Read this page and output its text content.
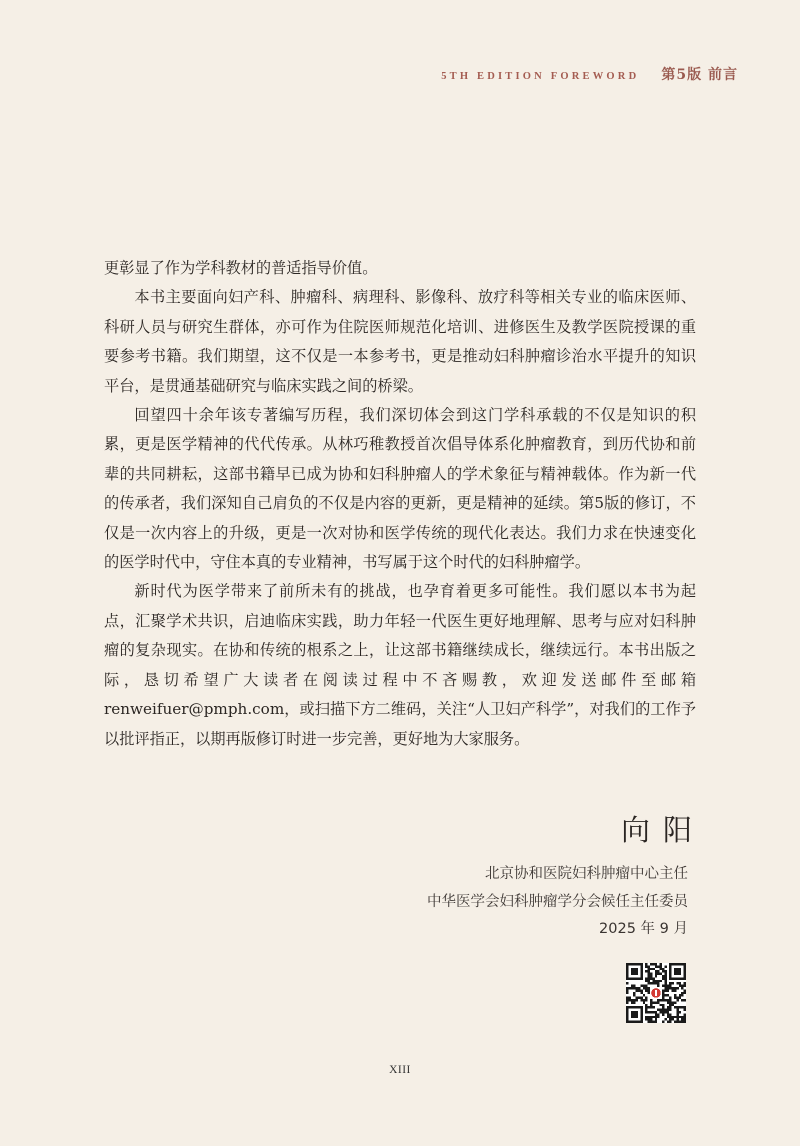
5TH EDITION FOREWORD 第5版 前言

更彰显了作为学科教材的普适指导价值。

本书主要面向妇产科、肿瘤科、病理科、影像科、放疗科等相关专业的临床医师、科研人员与研究生群体，亦可作为住院医师规范化培训、进修医生及教学医院授课的重要参考书籍。我们期望，这不仅是一本参考书，更是推动妇科肿瘤诊治水平提升的知识平台，是贯通基础研究与临床实践之间的桥梁。

回望四十余年该专著编写历程，我们深切体会到这门学科承载的不仅是知识的积累，更是医学精神的代代传承。从林巧稚教授首次倡导体系化肿瘤教育，到历代协和前辈的共同耕耘，这部书籍早已成为协和妇科肿瘤人的学术象征与精神载体。作为新一代的传承者，我们深知自己肩负的不仅是内容的更新，更是精神的延续。第5版的修订，不仅是一次内容上的升级，更是一次对协和医学传统的现代化表达。我们力求在快速变化的医学时代中，守住本真的专业精神，书写属于这个时代的妇科肿瘤学。

新时代为医学带来了前所未有的挑战，也孕育着更多可能性。我们愿以本书为起点，汇聚学术共识，启迪临床实践，助力年轻一代医生更好地理解、思考与应对妇科肿瘤的复杂现实。在协和传统的根系之上，让这部书籍继续成长，继续远行。本书出版之际，恳切希望广大读者在阅读过程中不吝赐教，欢迎发送邮件至邮箱 renweifuer@pmph.com，或扫描下方二维码，关注“人卫妇产科学”，对我们的工作予以批评指正，以期再版修订时进一步完善，更好地为大家服务。

向阳
北京协和医院妇科肿瘤中心主任
中华医学会妇科肿瘤学分会候任主任委员
2025 年 9 月
XIII
